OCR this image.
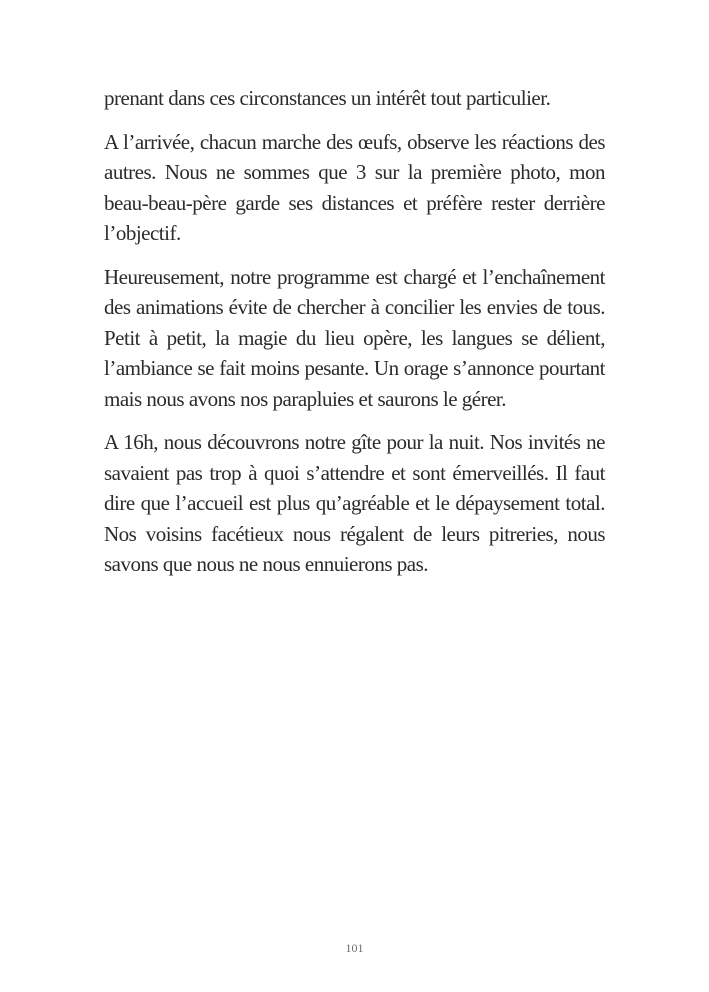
prenant dans ces circonstances un intérêt tout particulier.

A l’arrivée, chacun marche des œufs, observe les réactions des autres. Nous ne sommes que 3 sur la première photo, mon beau-beau-père garde ses distances et préfère rester derrière l’objectif.

Heureusement, notre programme est chargé et l’enchaînement des animations évite de chercher à concilier les envies de tous. Petit à petit, la magie du lieu opère, les langues se délient, l’ambiance se fait moins pesante. Un orage s’annonce pourtant mais nous avons nos parapluies et saurons le gérer.

A 16h, nous découvrons notre gîte pour la nuit. Nos invités ne savaient pas trop à quoi s’attendre et sont émerveillés. Il faut dire que l’accueil est plus qu’agréable et le dépaysement total. Nos voisins facétieux nous régalent de leurs pitreries, nous savons que nous ne nous ennuierons pas.

101
